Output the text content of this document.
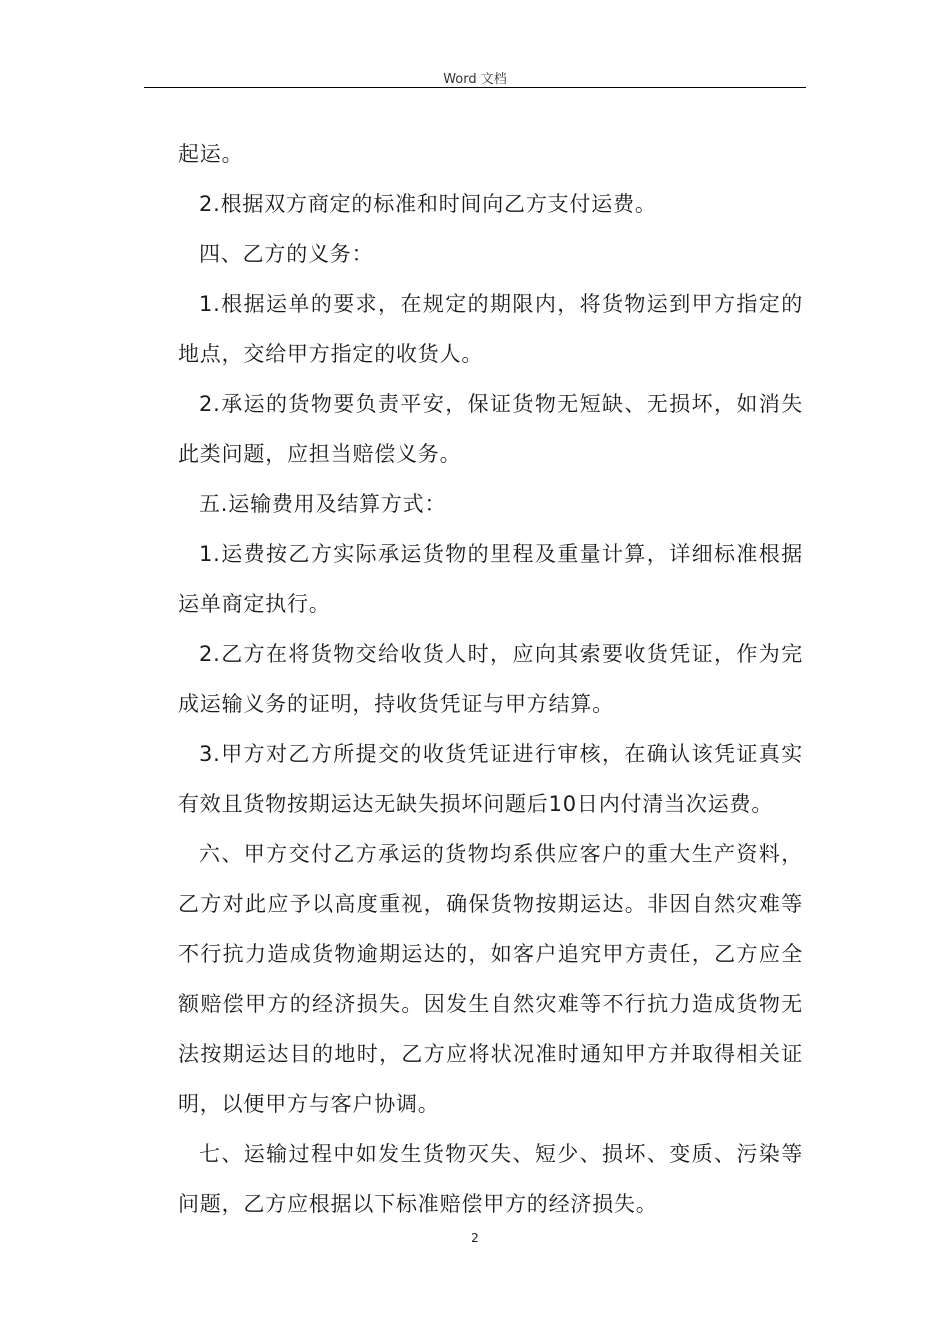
Word 文档

起运。

2.根据双方商定的标准和时间向乙方支付运费。

四、乙方的义务：

1.根据运单的要求，在规定的期限内，将货物运到甲方指定的地点，交给甲方指定的收货人。

2.承运的货物要负责平安，保证货物无短缺、无损坏，如消失此类问题，应担当赔偿义务。

五.运输费用及结算方式：

1.运费按乙方实际承运货物的里程及重量计算，详细标准根据运单商定执行。

2.乙方在将货物交给收货人时，应向其索要收货凭证，作为完成运输义务的证明，持收货凭证与甲方结算。

3.甲方对乙方所提交的收货凭证进行审核，在确认该凭证真实有效且货物按期运达无缺失损坏问题后10日内付清当次运费。

六、甲方交付乙方承运的货物均系供应客户的重大生产资料，乙方对此应予以高度重视，确保货物按期运达。非因自然灾难等不行抗力造成货物逾期运达的，如客户追究甲方责任，乙方应全额赔偿甲方的经济损失。因发生自然灾难等不行抗力造成货物无法按期运达目的地时，乙方应将状况准时通知甲方并取得相关证明，以便甲方与客户协调。

七、运输过程中如发生货物灭失、短少、损坏、变质、污染等问题，乙方应根据以下标准赔偿甲方的经济损失。

2
